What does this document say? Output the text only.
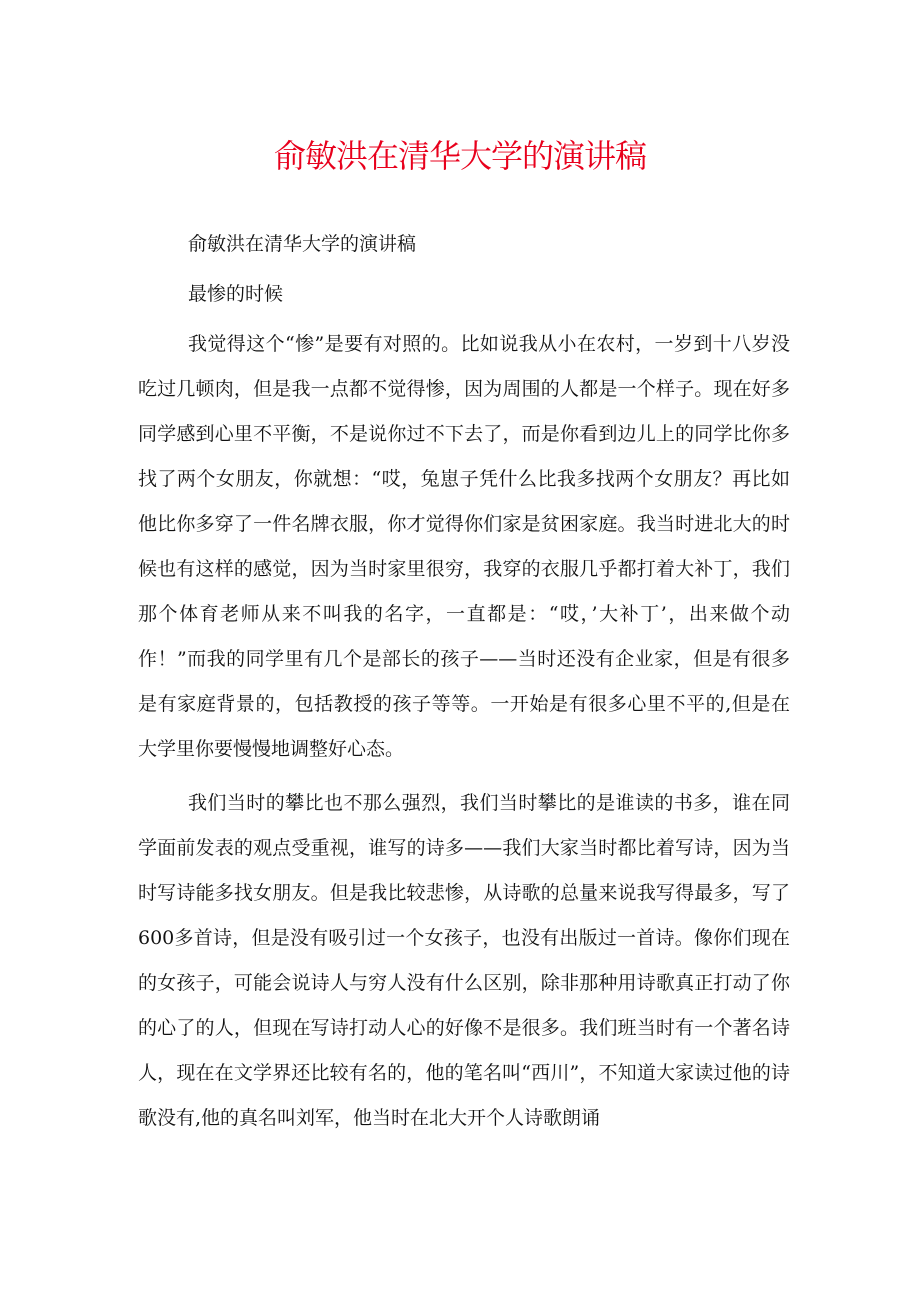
俞敏洪在清华大学的演讲稿

俞敏洪在清华大学的演讲稿

最惨的时候

我觉得这个“惨”是要有对照的。比如说我从小在农村，一岁到十八岁没吃过几顿肉，但是我一点都不觉得惨，因为周围的人都是一个样子。现在好多同学感到心里不平衡，不是说你过不下去了，而是你看到边儿上的同学比你多找了两个女朋友，你就想：“哎，兔崽子凭什么比我多找两个女朋友？再比如他比你多穿了一件名牌衣服，你才觉得你们家是贫困家庭。我当时进北大的时候也有这样的感觉，因为当时家里很穷，我穿的衣服几乎都打着大补丁，我们那个体育老师从来不叫我的名字，一直都是：“哎，’大补丁’，出来做个动作！”而我的同学里有几个是部长的孩子——当时还没有企业家，但是有很多是有家庭背景的，包括教授的孩子等等。一开始是有很多心里不平的,但是在大学里你要慢慢地调整好心态。

我们当时的攀比也不那么强烈，我们当时攀比的是谁读的书多，谁在同学面前发表的观点受重视，谁写的诗多——我们大家当时都比着写诗，因为当时写诗能多找女朋友。但是我比较悲惨，从诗歌的总量来说我写得最多，写了600多首诗，但是没有吸引过一个女孩子，也没有出版过一首诗。像你们现在的女孩子，可能会说诗人与穷人没有什么区别，除非那种用诗歌真正打动了你的心了的人，但现在写诗打动人心的好像不是很多。我们班当时有一个著名诗人，现在在文学界还比较有名的，他的笔名叫“西川”，不知道大家读过他的诗歌没有,他的真名叫刘军，他当时在北大开个人诗歌朗诵
